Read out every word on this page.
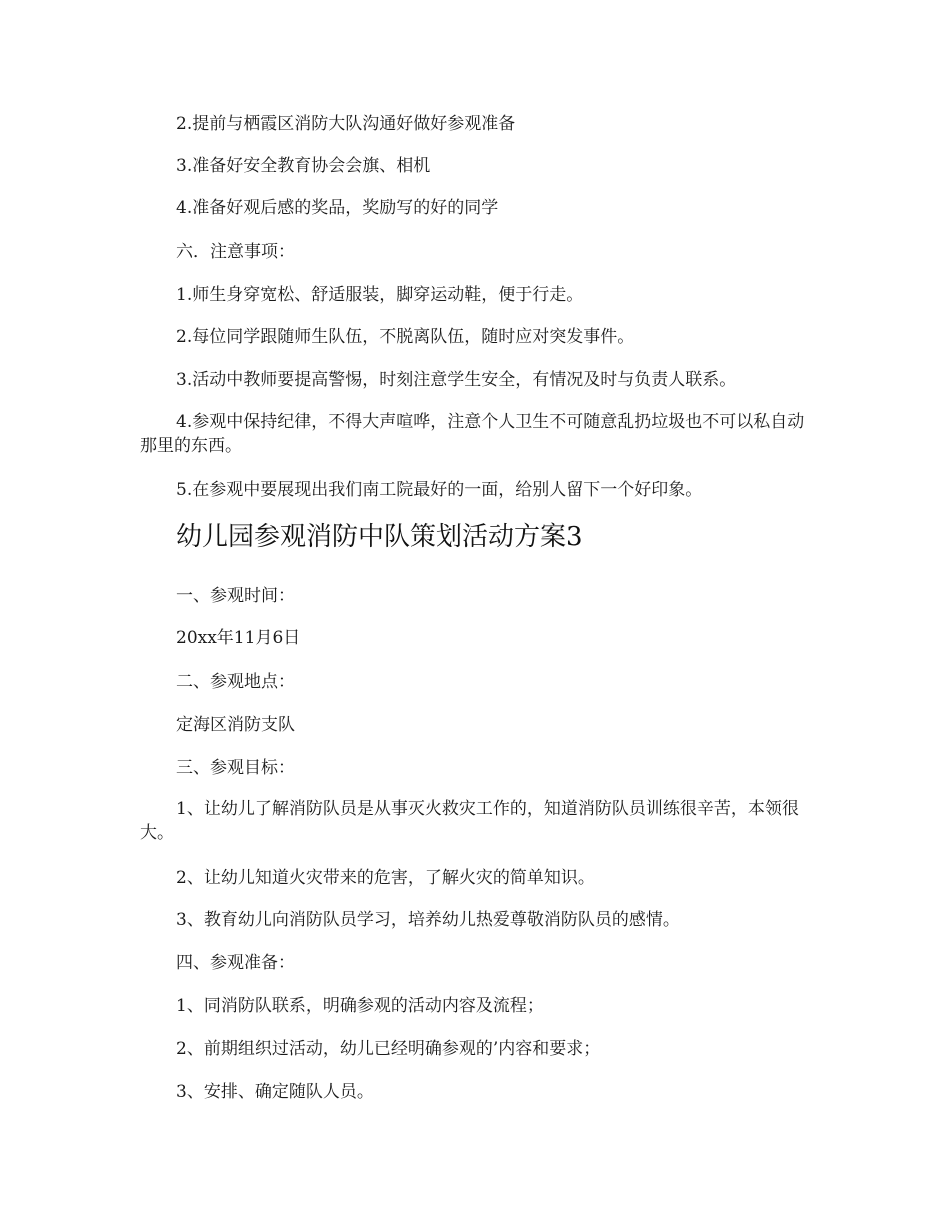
2.提前与栖霞区消防大队沟通好做好参观准备
3.准备好安全教育协会会旗、相机
4.准备好观后感的奖品，奖励写的好的同学
六．注意事项：
1.师生身穿宽松、舒适服装，脚穿运动鞋，便于行走。
2.每位同学跟随师生队伍，不脱离队伍，随时应对突发事件。
3.活动中教师要提高警惕，时刻注意学生安全，有情况及时与负责人联系。
4.参观中保持纪律，不得大声喧哗，注意个人卫生不可随意乱扔垃圾也不可以私自动那里的东西。
5.在参观中要展现出我们南工院最好的一面，给别人留下一个好印象。
幼儿园参观消防中队策划活动方案3
一、参观时间：
20xx年11月6日
二、参观地点：
定海区消防支队
三、参观目标：
1、让幼儿了解消防队员是从事灭火救灾工作的，知道消防队员训练很辛苦，本领很大。
2、让幼儿知道火灾带来的危害，了解火灾的简单知识。
3、教育幼儿向消防队员学习，培养幼儿热爱尊敬消防队员的感情。
四、参观准备：
1、同消防队联系，明确参观的活动内容及流程；
2、前期组织过活动，幼儿已经明确参观的’内容和要求；
3、安排、确定随队人员。
